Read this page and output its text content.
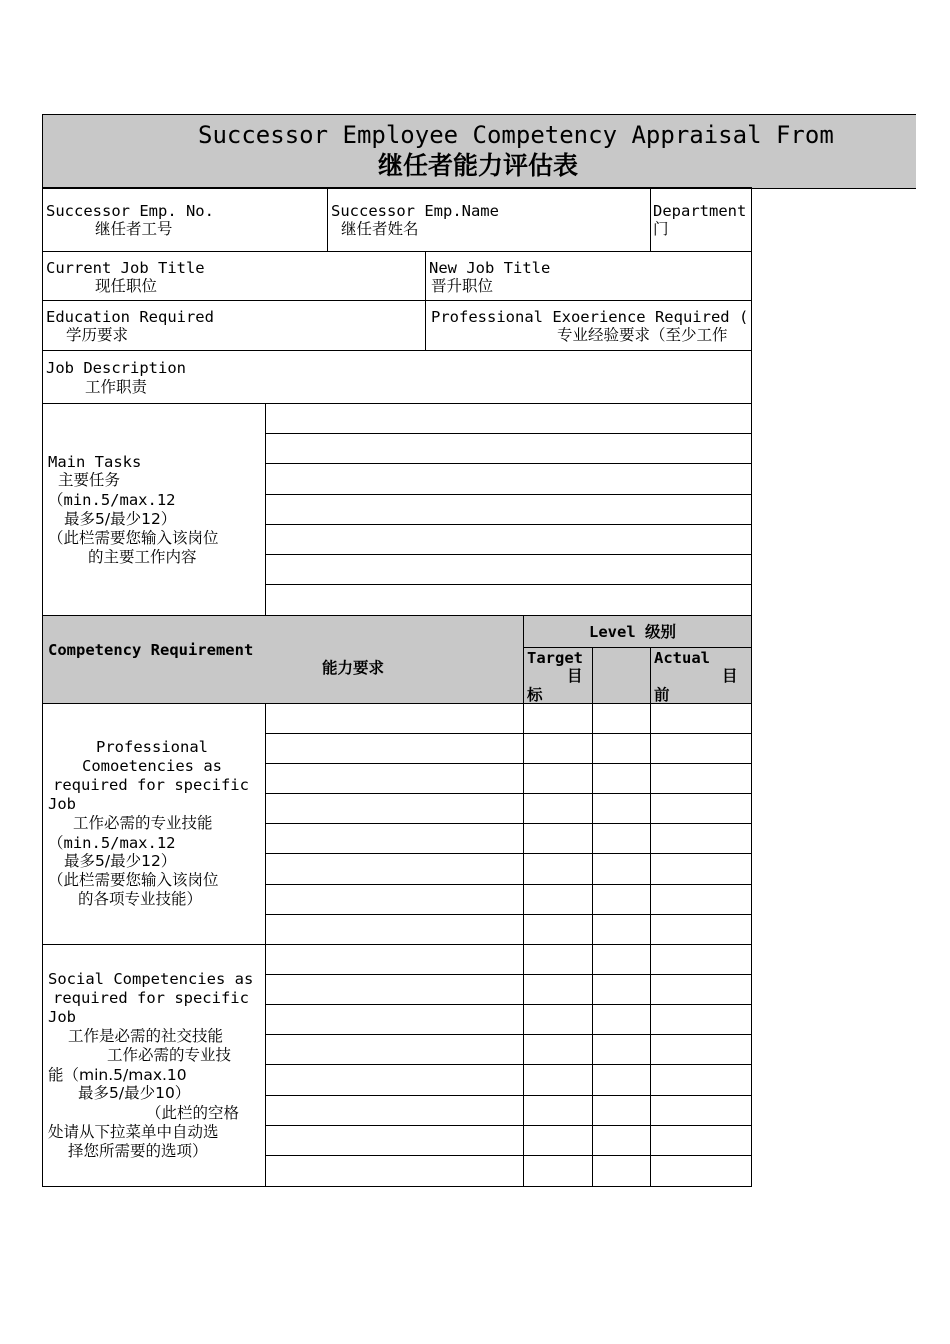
Successor Employee Competency Appraisal From
继任者能力评估表
Successor Emp. No.
继任者工号
Successor Emp.Name
继任者姓名
Department
门
Current Job Title
现任职位
New Job Title
晋升职位
Education Required
学历要求
Professional Exoerience Required (
专业经验要求（至少工作
Job Description
工作职责
Main Tasks
主要任务
（min.5/max.12
最多5/最少12）
（此栏需要您输入该岗位
的主要工作内容
Competency Requirement
能力要求
Level 级别
Target
目
标
Actual
目
前
Professional
Comoetencies as
required for specific
Job
工作必需的专业技能
（min.5/max.12
最多5/最少12）
（此栏需要您输入该岗位
的各项专业技能）
Social Competencies as
required for specific
Job
工作是必需的社交技能
工作必需的专业技
能（min.5/max.10
最多5/最少10）
（此栏的空格
处请从下拉菜单中自动选
择您所需要的选项）
